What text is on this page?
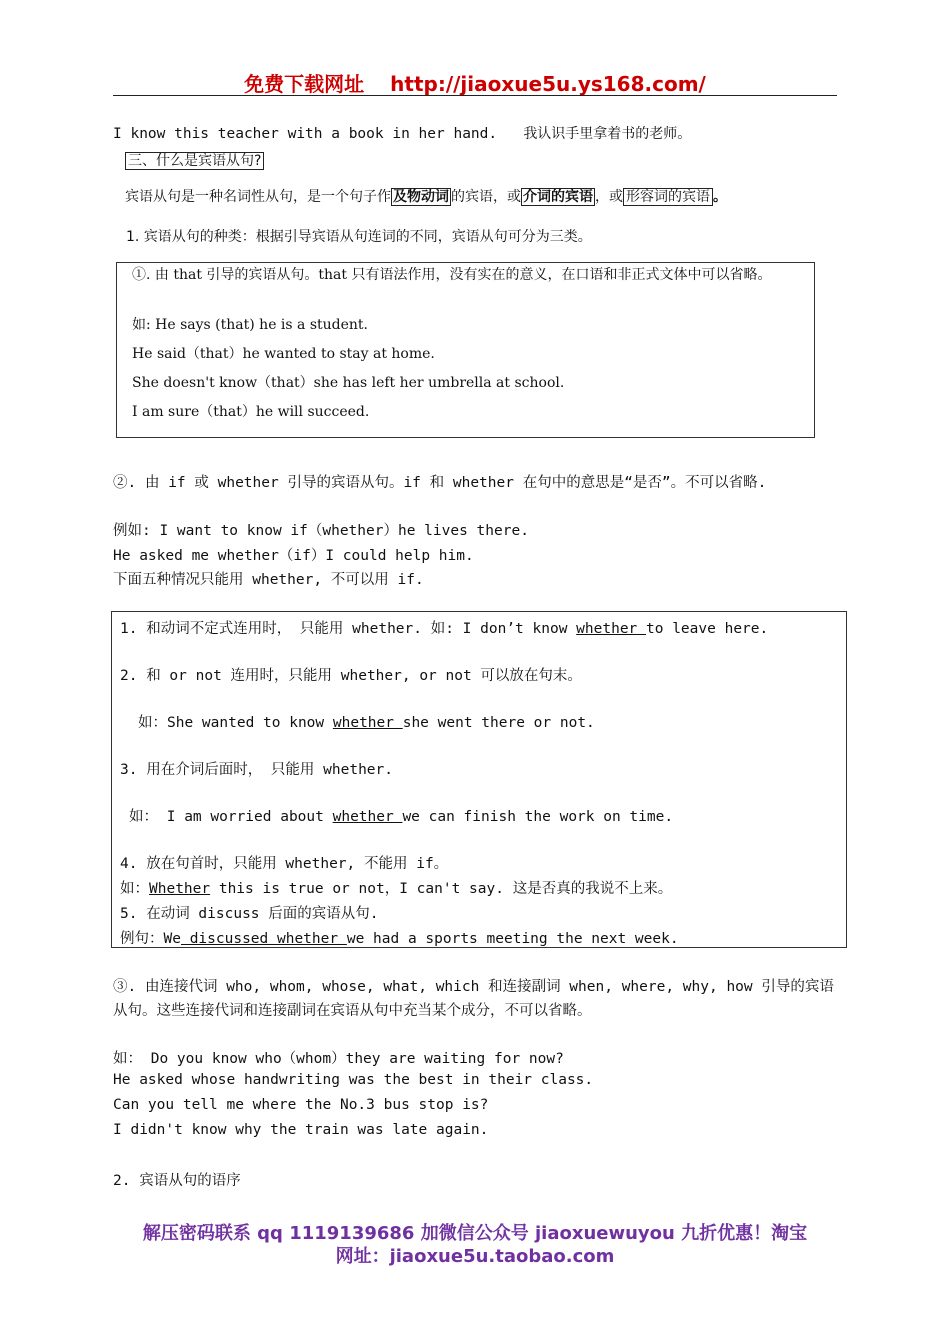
免费下载网址 http://jiaoxue5u.ys168.com/
I know this teacher with a book in her hand. 我认识手里拿着书的老师。
三、什么是宾语从句?
宾语从句是一种名词性从句，是一个句子作 及物动词 的宾语，或 介词的宾语 ，或 形容词的宾语 。
1. 宾语从句的种类：根据引导宾语从句连词的不同，宾语从句可分为三类。
①. 由 that 引导的宾语从句。that 只有语法作用，没有实在的意义，在口语和非正式文体中可以省略。
如: He says (that) he is a student.
He said（that）he wanted to stay at home.
She doesn't know（that）she has left her umbrella at school.
I am sure（that）he will succeed.
②. 由 if 或 whether 引导的宾语从句。if 和 whether 在句中的意思是“是否”。不可以省略.
例如: I want to know if（whether）he lives there.
He asked me whether（if）I could help him.
下面五种情况只能用 whether, 不可以用 if.
1. 和动词不定式连用时， 只能用 whether. 如: I don’t know whether to leave here.
2. 和 or not 连用时，只能用 whether, or not 可以放在句末。
如：She wanted to know whether she went there or not.
3. 用在介词后面时， 只能用 whether.
如： I am worried about whether we can finish the work on time.
4. 放在句首时，只能用 whether, 不能用 if。
如：Whether this is true or not，I can't say. 这是否真的我说不上来。
5. 在动词 discuss 后面的宾语从句.
例句：We discussed whether we had a sports meeting the next week.
③. 由连接代词 who, whom, whose, what, which 和连接副词 when, where, why, how 引导的宾语
从句。这些连接代词和连接副词在宾语从句中充当某个成分，不可以省略。
如： Do you know who（whom）they are waiting for now?
He asked whose handwriting was the best in their class.
Can you tell me where the No.3 bus stop is?
I didn't know why the train was late again.
2. 宾语从句的语序
解压密码联系 qq 1119139686 加微信公众号 jiaoxuewuyou 九折优惠！淘宝
网址：jiaoxue5u.taobao.com
